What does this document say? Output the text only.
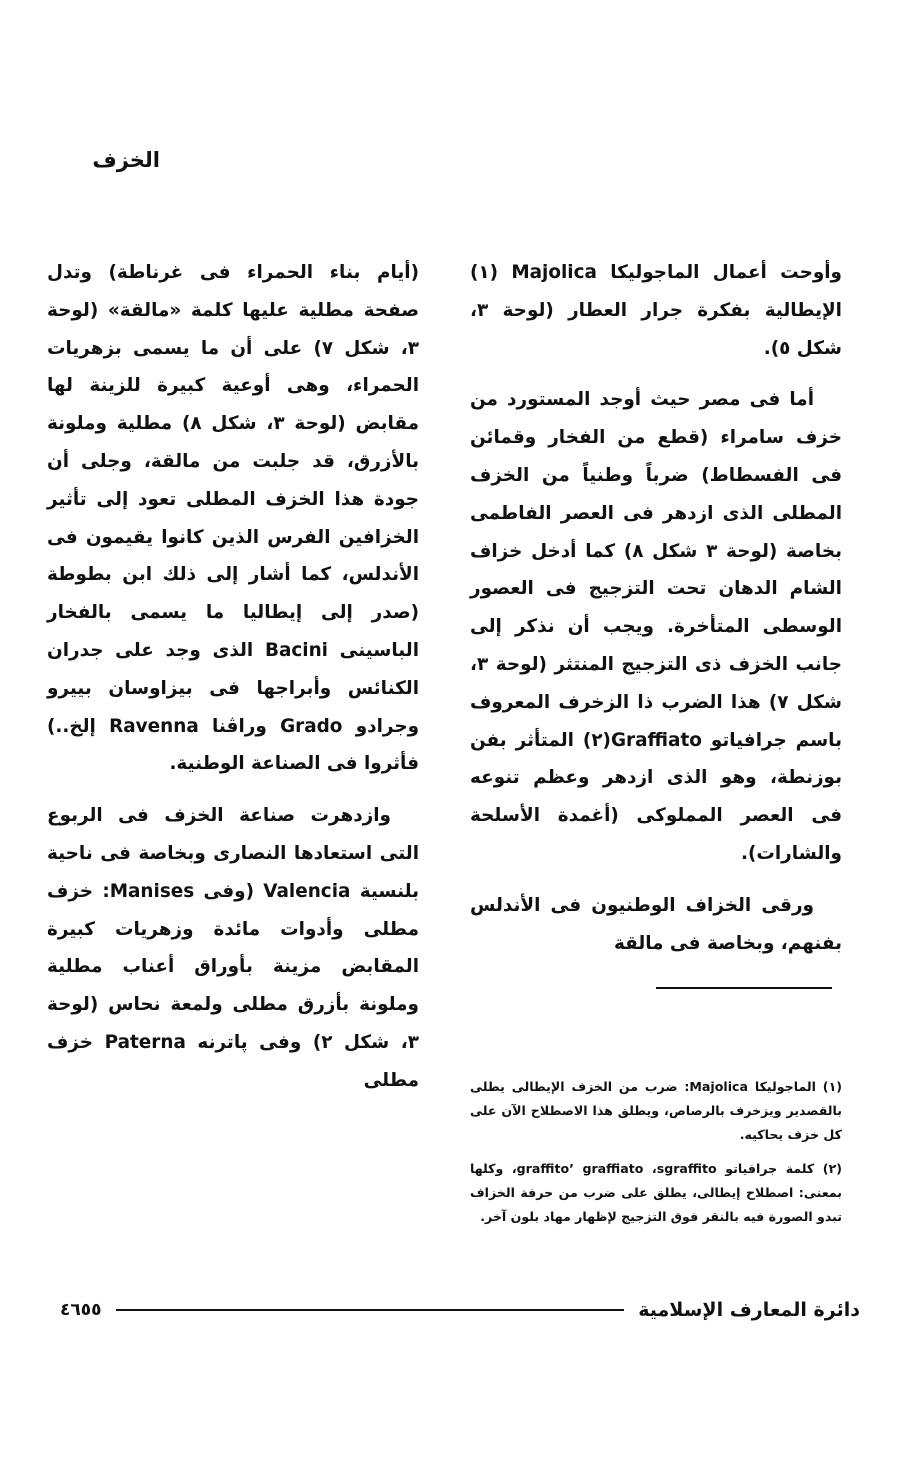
الخزف

وأوحت أعمال الماجوليكا Majolica (١) الإيطالية بفكرة جرار العطار (لوحة ٣، شكل ٥).

أما فى مصر حيث أوجد المستورد من خزف سامراء (قطع من الفخار وقمائن فى الفسطاط) ضرباً وطنياً من الخزف المطلى الذى ازدهر فى العصر الفاطمى بخاصة (لوحة ٣ شكل ٨) كما أدخل خزاف الشام الدهان تحت التزجيج فى العصور الوسطى المتأخرة. ويجب أن نذكر إلى جانب الخزف ذى التزجيج المنتثر (لوحة ٣، شكل ٧) هذا الضرب ذا الزخرف المعروف باسم جرافياتو Graffiato(٢) المتأثر بفن بوزنطة، وهو الذى ازدهر وعظم تنوعه فى العصر المملوكى (أغمدة الأسلحة والشارات).

ورقى الخزاف الوطنيون فى الأندلس بفنهم، وبخاصة فى مالقة

(أيام بناء الحمراء فى غرناطة) وتدل صفحة مطلية عليها كلمة «مالقة» (لوحة ٣، شكل ٧) على أن ما يسمى بزهريات الحمراء، وهى أوعية كبيرة للزينة لها مقابض (لوحة ٣، شكل ٨) مطلية وملونة بالأزرق، قد جلبت من مالقة، وجلى أن جودة هذا الخزف المطلى تعود إلى تأثير الخزافين الفرس الذين كانوا يقيمون فى الأندلس، كما أشار إلى ذلك ابن بطوطة (صدر إلى إيطاليا ما يسمى بالفخار الباسينى Bacini الذى وجد على جدران الكنائس وأبراجها فى بيزاوسان بييرو وجرادو Grado وراڤنا Ravenna إلخ..) فأثروا فى الصناعة الوطنية.

وازدهرت صناعة الخزف فى الربوع التى استعادها النصارى وبخاصة فى ناحية بلنسية Valencia (وفى Manises: خزف مطلى وأدوات مائدة وزهريات كبيرة المقابض مزينة بأوراق أعناب مطلية وملونة بأزرق مطلى ولمعة نحاس (لوحة ٣، شكل ٢) وفى پاترنه Paterna خزف مطلى	(١) الماجوليكا Majolica: ضرب من الخزف الإيطالى يطلى بالقصدير ويزخرف بالرصاص، ويطلق هذا الاصطلاح الآن على كل خزف يحاكيه.

(٢) كلمة جرافياتو graffito’ graffiato ،sgraffito، وكلها بمعنى: اصطلاح إيطالى، يطلق على ضرب من حرفة الخزاف تبدو الصورة فيه بالنقر فوق التزجيج لإظهار مهاد بلون آخر.

دائرة المعارف الإسلامية
٤٦٥٥
